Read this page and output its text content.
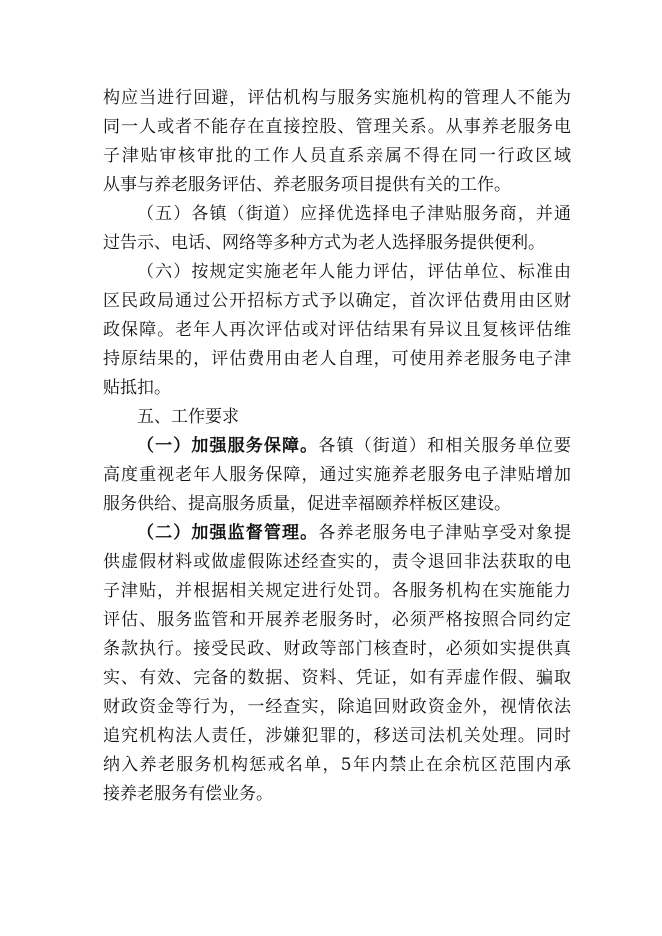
构应当进行回避，评估机构与服务实施机构的管理人不能为
同一人或者不能存在直接控股、管理关系。从事养老服务电
子津贴审核审批的工作人员直系亲属不得在同一行政区域
从事与养老服务评估、养老服务项目提供有关的工作。
（五）各镇（街道）应择优选择电子津贴服务商，并通
过告示、电话、网络等多种方式为老人选择服务提供便利。
（六）按规定实施老年人能力评估，评估单位、标准由
区民政局通过公开招标方式予以确定，首次评估费用由区财
政保障。老年人再次评估或对评估结果有异议且复核评估维
持原结果的，评估费用由老人自理，可使用养老服务电子津
贴抵扣。
五、工作要求
（一）加强服务保障。各镇（街道）和相关服务单位要
高度重视老年人服务保障，通过实施养老服务电子津贴增加
服务供给、提高服务质量，促进幸福颐养样板区建设。
（二）加强监督管理。各养老服务电子津贴享受对象提
供虚假材料或做虚假陈述经查实的，责令退回非法获取的电
子津贴，并根据相关规定进行处罚。各服务机构在实施能力
评估、服务监管和开展养老服务时，必须严格按照合同约定
条款执行。接受民政、财政等部门核查时，必须如实提供真
实、有效、完备的数据、资料、凭证，如有弄虚作假、骗取
财政资金等行为，一经查实，除追回财政资金外，视情依法
追究机构法人责任，涉嫌犯罪的，移送司法机关处理。同时
纳入养老服务机构惩戒名单，5年内禁止在余杭区范围内承
接养老服务有偿业务。
